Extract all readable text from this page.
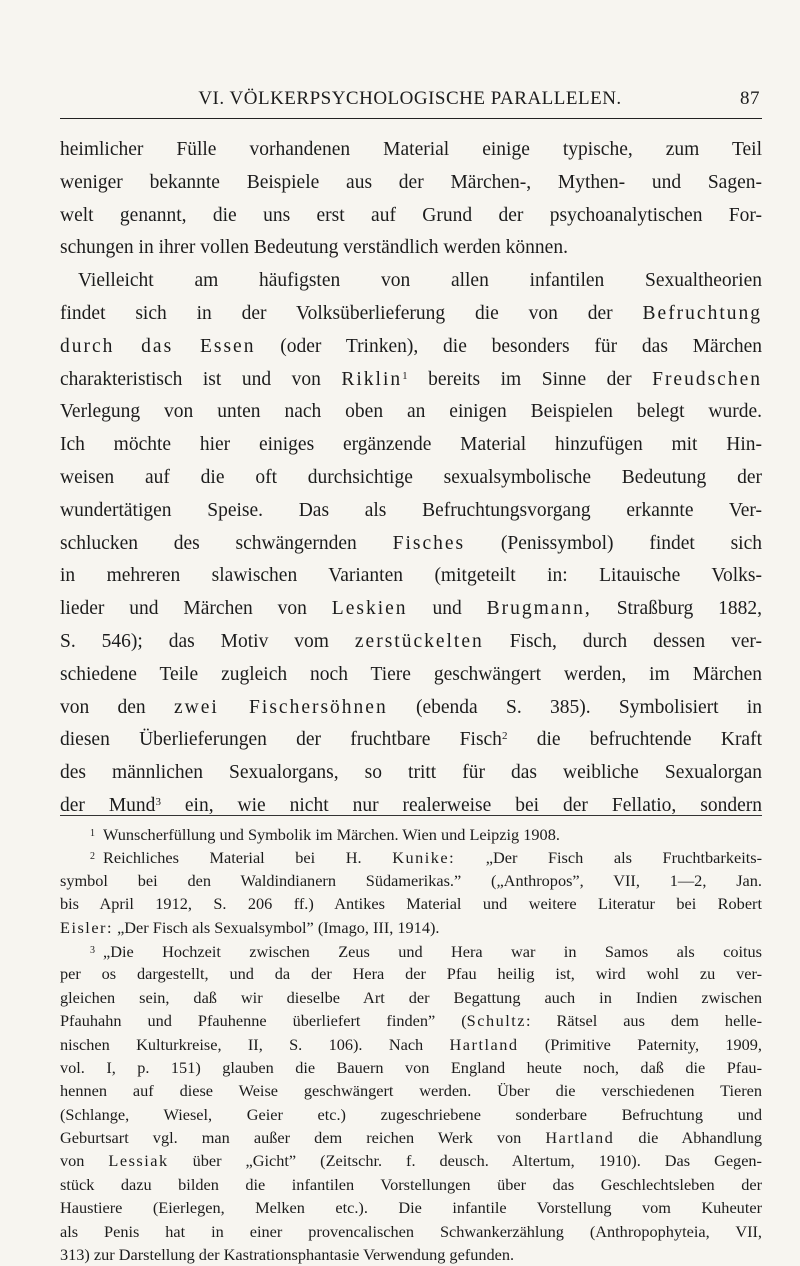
VI. VÖLKERPSYCHOLOGISCHE PARALLELEN.	87
heimlicher Fülle vorhandenen Material einige typische, zum Teil
weniger bekannte Beispiele aus der Märchen-, Mythen- und Sagen-
welt genannt, die uns erst auf Grund der psychoanalytischen For-
schungen in ihrer vollen Bedeutung verständlich werden können.
Vielleicht am häufigsten von allen infantilen Sexualtheorien
findet sich in der Volksüberlieferung die von der Befruchtung
durch das Essen (oder Trinken), die besonders für das Märchen
charakteristisch ist und von Riklin$^1$ bereits im Sinne der Freudschen
Verlegung von unten nach oben an einigen Beispielen belegt wurde.
Ich möchte hier einiges ergänzende Material hinzufügen mit Hin-
weisen auf die oft durchsichtige sexualsymbolische Bedeutung der
wundertätigen Speise. Das als Befruchtungsvorgang erkannte Ver-
schlucken des schwängernden Fisches (Penissymbol) findet sich
in mehreren slawischen Varianten (mitgeteilt in: Litauische Volks-
lieder und Märchen von Leskien und Brugmann, Straßburg 1882,
S. 546); das Motiv vom zerstückelten Fisch, durch dessen ver-
schiedene Teile zugleich noch Tiere geschwängert werden, im Märchen
von den zwei Fischersöhnen (ebenda S. 385). Symbolisiert in
diesen Überlieferungen der fruchtbare Fisch$^2$ die befruchtende Kraft
des männlichen Sexualorgans, so tritt für das weibliche Sexualorgan
der Mund$^3$ ein, wie nicht nur realerweise bei der Fellatio, sondern
$^1$ Wunscherfüllung und Symbolik im Märchen. Wien und Leipzig 1908.
$^2$ Reichliches Material bei H. Kunike: „Der Fisch als Fruchtbarkeits-
symbol bei den Waldindianern Südamerikas.” („Anthropos”, VII, 1—2, Jan.
bis April 1912, S. 206 ff.) Antikes Material und weitere Literatur bei Robert
Eisler: „Der Fisch als Sexualsymbol” (Imago, III, 1914).
$^3$ „Die Hochzeit zwischen Zeus und Hera war in Samos als coitus
per os dargestellt, und da der Hera der Pfau heilig ist, wird wohl zu ver-
gleichen sein, daß wir dieselbe Art der Begattung auch in Indien zwischen
Pfauhahn und Pfauhenne überliefert finden” (Schultz: Rätsel aus dem helle-
nischen Kulturkreise, II, S. 106). Nach Hartland (Primitive Paternity, 1909,
vol. I, p. 151) glauben die Bauern von England heute noch, daß die Pfau-
hennen auf diese Weise geschwängert werden. Über die verschiedenen Tieren
(Schlange, Wiesel, Geier etc.) zugeschriebene sonderbare Befruchtung und
Geburtsart vgl. man außer dem reichen Werk von Hartland die Abhandlung
von Lessiak über „Gicht” (Zeitschr. f. deusch. Altertum, 1910). Das Gegen-
stück dazu bilden die infantilen Vorstellungen über das Geschlechtsleben der
Haustiere (Eierlegen, Melken etc.). Die infantile Vorstellung vom Kuheuter
als Penis hat in einer provencalischen Schwankerzählung (Anthropophyteia, VII,
313) zur Darstellung der Kastrationsphantasie Verwendung gefunden.
